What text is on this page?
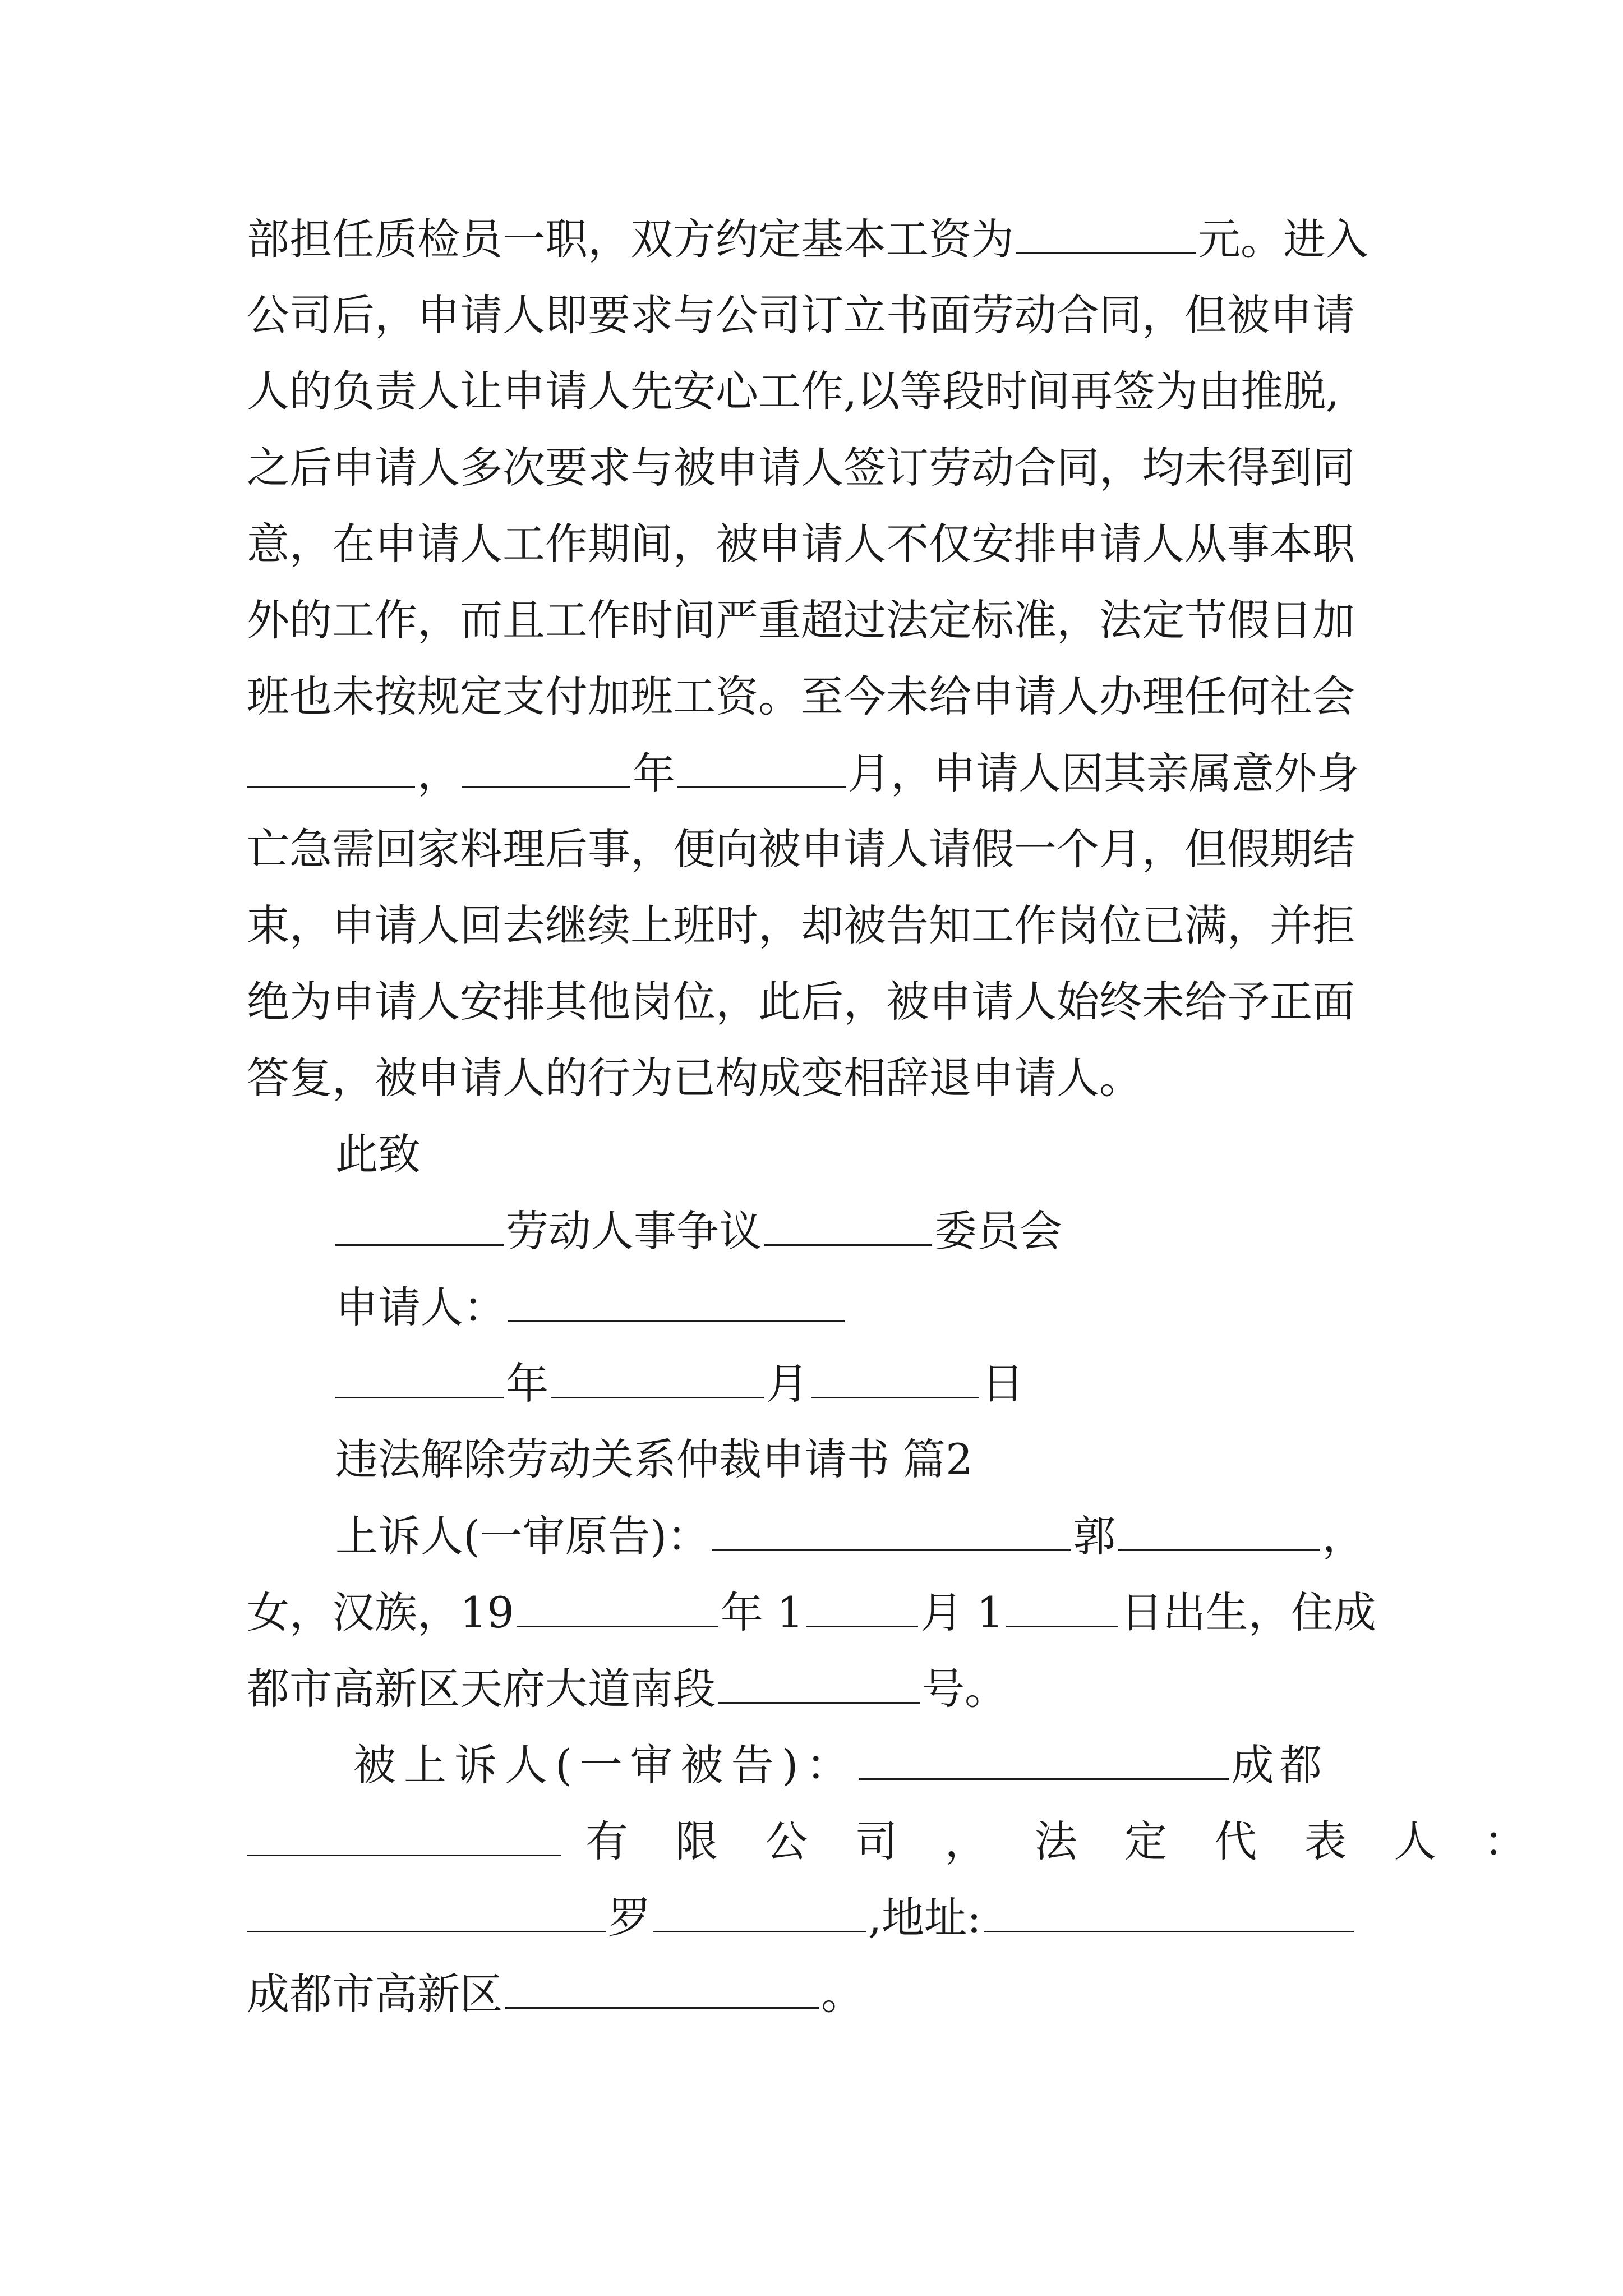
部担任质检员一职，双方约定基本工资为	元。进入
公司后，申请人即要求与公司订立书面劳动合同，但被申请
人的负责人让申请人先安心工作,以等段时间再签为由推脱,
之后申请人多次要求与被申请人签订劳动合同，均未得到同
意，在申请人工作期间，被申请人不仅安排申请人从事本职
外的工作，而且工作时间严重超过法定标准，法定节假日加
班也未按规定支付加班工资。至今未给申请人办理任何社会
，	年	月，申请人因其亲属意外身
亡急需回家料理后事，便向被申请人请假一个月，但假期结
束，申请人回去继续上班时，却被告知工作岗位已满，并拒
绝为申请人安排其他岗位，此后，被申请人始终未给予正面
答复，被申请人的行为已构成变相辞退申请人。
此致
劳动人事争议	委员会
申请人：
年	月	日
违法解除劳动关系仲裁申请书 篇2
上诉人(一审原告)：	郭	，
女，汉族，19	年 1	月 1	日出生，住成
都市高新区天府大道南段	号。
被上诉人(一审被告)：	成都
有 限 公 司 ， 法 定 代 表 人 ：
罗	,地址:
成都市高新区	。
